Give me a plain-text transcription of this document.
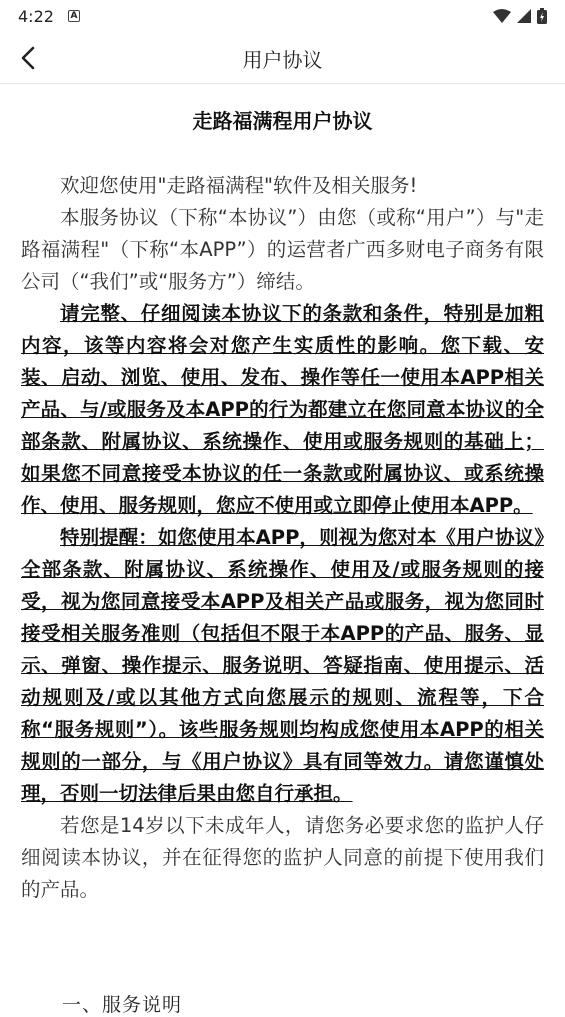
4:22 A
用户协议
走路福满程用户协议

欢迎您使用"走路福满程"软件及相关服务!

本服务协议（下称“本协议”）由您（或称“用户”）与"走路福满程"（下称“本APP”）的运营者广西多财电子商务有限公司（“我们”或“服务方”）缔结。

请完整、仔细阅读本协议下的条款和条件，特别是加粗内容，该等内容将会对您产生实质性的影响。您下载、安装、启动、浏览、使用、发布、操作等任一使用本APP相关产品、与/或服务及本APP的行为都建立在您同意本协议的全部条款、附属协议、系统操作、使用或服务规则的基础上；如果您不同意接受本协议的任一条款或附属协议、或系统操作、使用、服务规则，您应不使用或立即停止使用本APP。

特别提醒：如您使用本APP，则视为您对本《用户协议》全部条款、附属协议、系统操作、使用及/或服务规则的接受，视为您同意接受本APP及相关产品或服务，视为您同时接受相关服务准则（包括但不限于本APP的产品、服务、显示、弹窗、操作提示、服务说明、答疑指南、使用提示、活动规则及/或以其他方式向您展示的规则、流程等，下合称“服务规则”）。该些服务规则均构成您使用本APP的相关规则的一部分，与《用户协议》具有同等效力。请您谨慎处理，否则一切法律后果由您自行承担。

若您是14岁以下未成年人，请您务必要求您的监护人仔细阅读本协议，并在征得您的监护人同意的前提下使用我们的产品。

一、服务说明
